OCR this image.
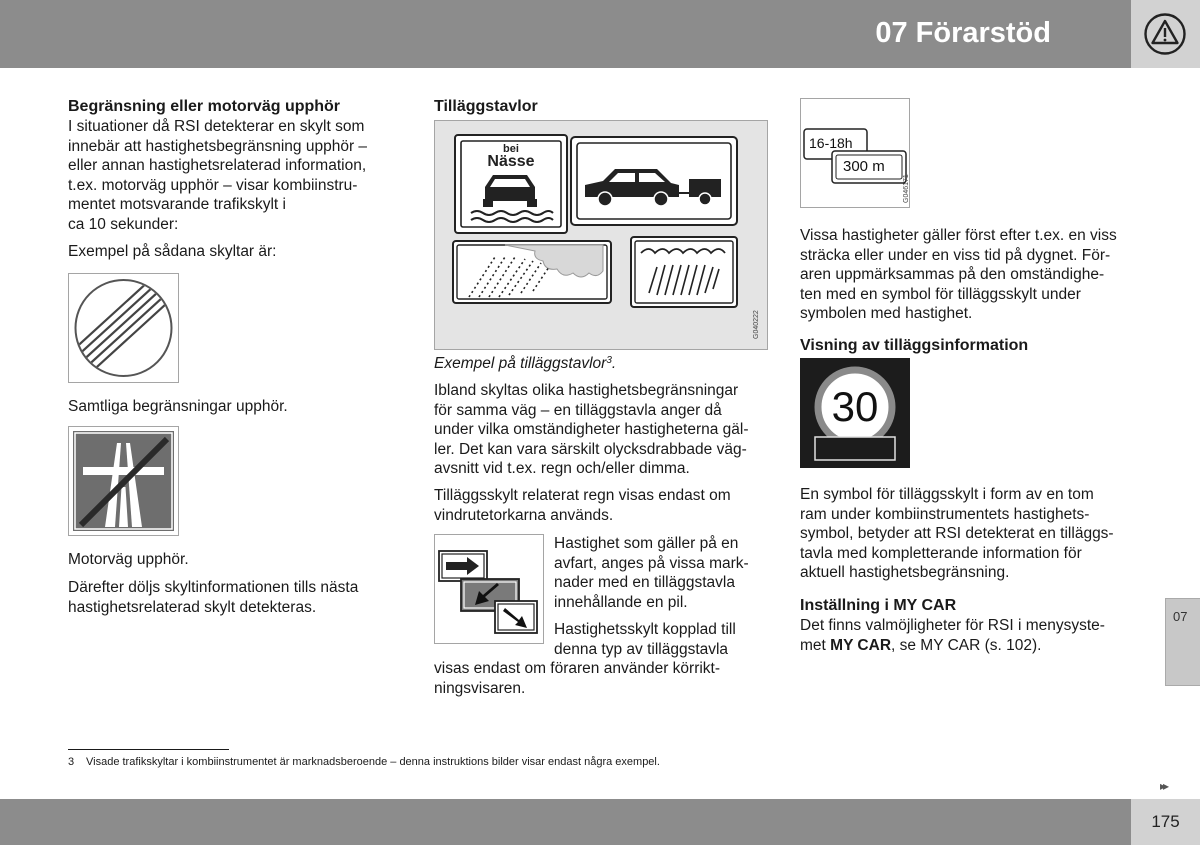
07 Förarstöd
Begränsning eller motorväg upphör

I situationer då RSI detekterar en skylt som

innebär att hastighetsbegränsning upphör –

eller annan hastighetsrelaterad information,

t.ex. motorväg upphör – visar kombiinstru-

mentet motsvarande trafikskylt i

ca 10 sekunder:

Exempel på sådana skyltar är:

Samtliga begränsningar upphör.

Motorväg upphör.

Därefter döljs skyltinformationen tills nästa

hastighetsrelaterad skylt detekteras.

Tilläggstavlor
bei
Nässe
G040222

Exempel på tilläggstavlor$^3$.

Ibland skyltas olika hastighetsbegränsningar

för samma väg – en tilläggstavla anger då

under vilka omständigheter hastigheterna gäl-

ler. Det kan vara särskilt olycksdrabbade väg-

avsnitt vid t.ex. regn och/eller dimma.

Tilläggsskylt relaterat regn visas endast om

vindrutetorkarna används.

Hastighet som gäller på en

avfart, anges på vissa mark-

nader med en tilläggstavla

innehållande en pil.

Hastighetsskylt kopplad till

denna typ av tilläggstavla

visas endast om föraren använder körrikt-

ningsvisaren.

16-18h
300 m
G046171

Vissa hastigheter gäller först efter t.ex. en viss

sträcka eller under en viss tid på dygnet. För-

aren uppmärksammas på den omständighe-

ten med en symbol för tilläggsskylt under

symbolen med hastighet.

Visning av tilläggsinformation
30

En symbol för tilläggsskylt i form av en tom

ram under kombiinstrumentets hastighets-

symbol, betyder att RSI detekterat en tilläggs-

tavla med kompletterande information för

aktuell hastighetsbegränsning.

Inställning i MY CAR

Det finns valmöjligheter för RSI i menysyste-

met MY CAR, se MY CAR (s. 102).

07
3 Visade trafikskyltar i kombiinstrumentet är marknadsberoende – denna instruktions bilder visar endast några exempel.
▸▸
175
